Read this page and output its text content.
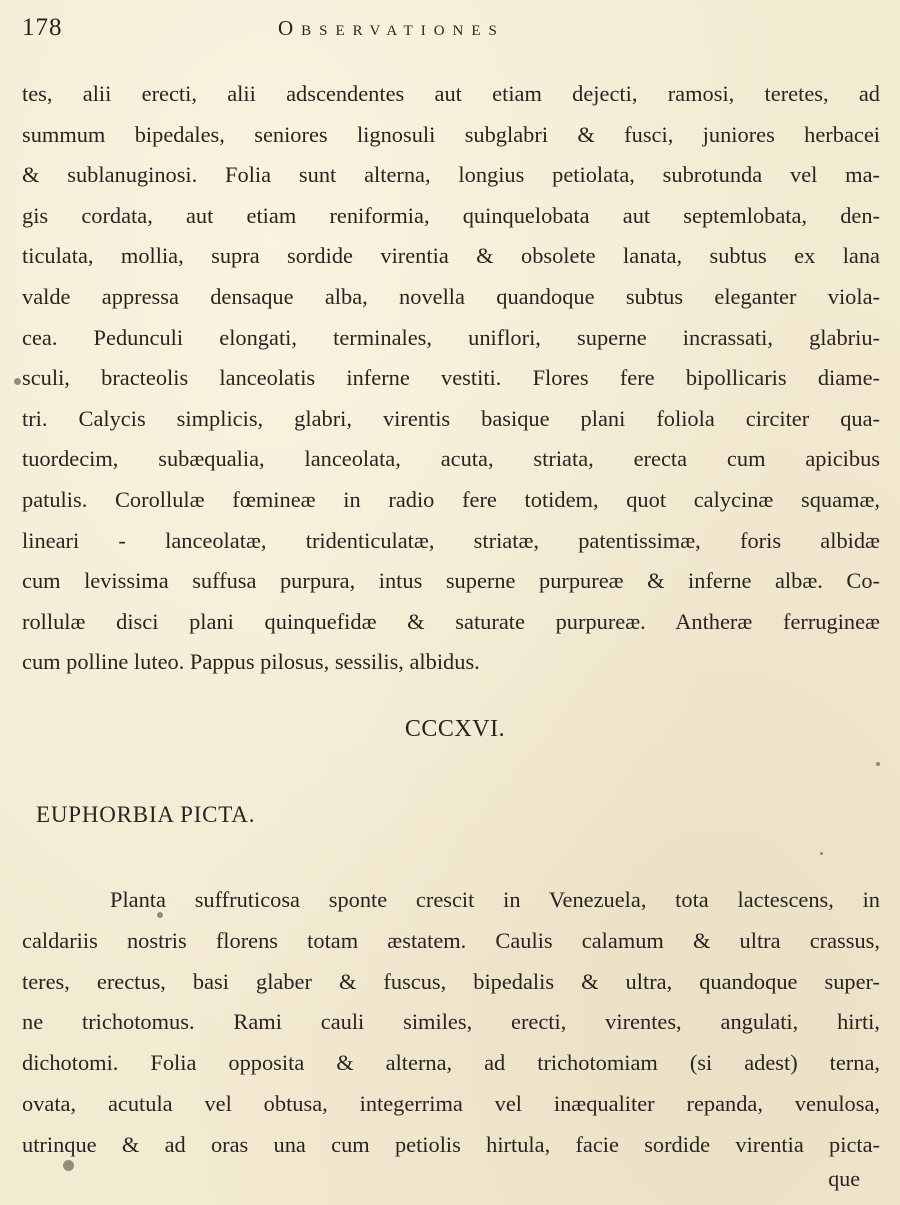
178	Observationes
tes, alii erecti, alii adscendentes aut etiam dejecti, ramosi, teretes, ad
summum bipedales, seniores lignosuli subglabri & fusci, juniores herbacei
& sublanuginosi. Folia sunt alterna, longius petiolata, subrotunda vel ma-
gis cordata, aut etiam reniformia, quinquelobata aut septemlobata, den-
ticulata, mollia, supra sordide virentia & obsolete lanata, subtus ex lana
valde appressa densaque alba, novella quandoque subtus eleganter viola-
cea. Pedunculi elongati, terminales, uniflori, superne incrassati, glabriu-
sculi, bracteolis lanceolatis inferne vestiti. Flores fere bipollicaris diame-
tri. Calycis simplicis, glabri, virentis basique plani foliola circiter qua-
tuordecim, subæqualia, lanceolata, acuta, striata, erecta cum apicibus
patulis. Corollulæ fœmineæ in radio fere totidem, quot calycinæ squamæ,
lineari - lanceolatæ, tridenticulatæ, striatæ, patentissimæ, foris albidæ
cum levissima suffusa purpura, intus superne purpureæ & inferne albæ. Co-
rollulæ disci plani quinquefidæ & saturate purpureæ. Antheræ ferrugineæ
cum polline luteo. Pappus pilosus, sessilis, albidus.
CCCXVI.
EUPHORBIA PICTA.
Planta suffruticosa sponte crescit in Venezuela, tota lactescens, in
caldariis nostris florens totam æstatem. Caulis calamum & ultra crassus,
teres, erectus, basi glaber & fuscus, bipedalis & ultra, quandoque super-
ne trichotomus. Rami cauli similes, erecti, virentes, angulati, hirti,
dichotomi. Folia opposita & alterna, ad trichotomiam (si adest) terna,
ovata, acutula vel obtusa, integerrima vel inæqualiter repanda, venulosa,
utrinque & ad oras una cum petiolis hirtula, facie sordide virentia picta-
que
